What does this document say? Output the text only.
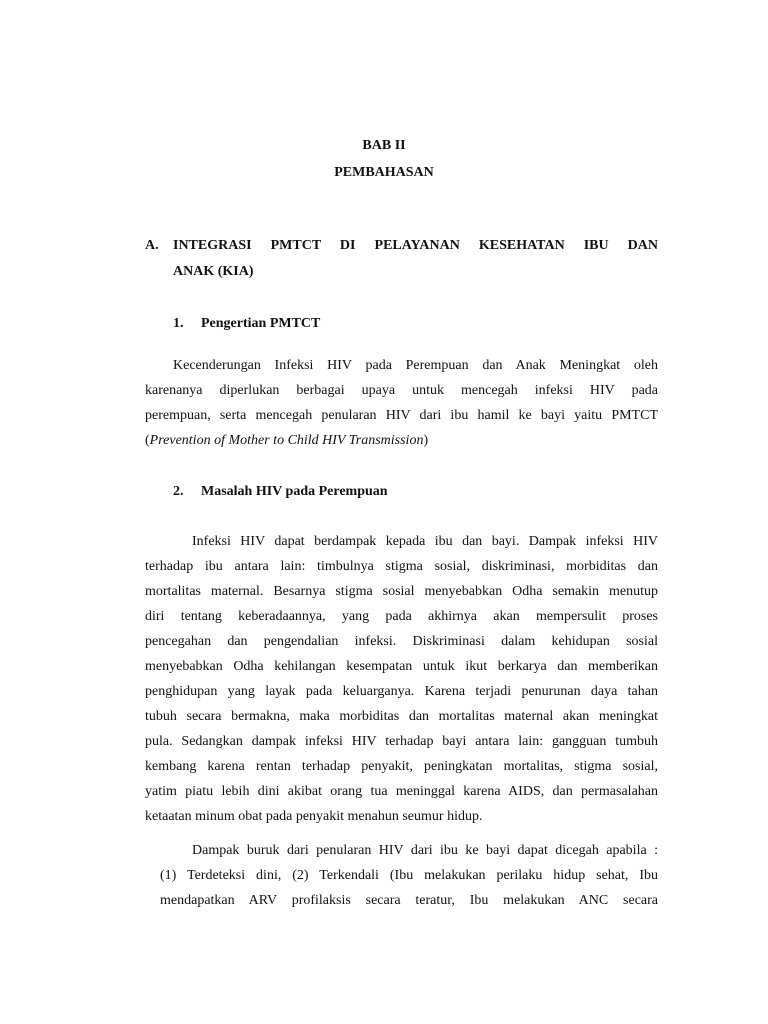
BAB II
PEMBAHASAN
A. INTEGRASI PMTCT DI PELAYANAN KESEHATAN IBU DAN
ANAK (KIA)
1. Pengertian PMTCT
Kecenderungan Infeksi HIV pada Perempuan dan Anak Meningkat oleh
karenanya diperlukan berbagai upaya untuk mencegah infeksi HIV pada
perempuan, serta mencegah penularan HIV dari ibu hamil ke bayi yaitu PMTCT
(Prevention of Mother to Child HIV Transmission)
2. Masalah HIV pada Perempuan
Infeksi HIV dapat berdampak kepada ibu dan bayi. Dampak infeksi HIV
terhadap ibu antara lain: timbulnya stigma sosial, diskriminasi, morbiditas dan
mortalitas maternal. Besarnya stigma sosial menyebabkan Odha semakin menutup
diri tentang keberadaannya, yang pada akhirnya akan mempersulit proses
pencegahan dan pengendalian infeksi. Diskriminasi dalam kehidupan sosial
menyebabkan Odha kehilangan kesempatan untuk ikut berkarya dan memberikan
penghidupan yang layak pada keluarganya. Karena terjadi penurunan daya tahan
tubuh secara bermakna, maka morbiditas dan mortalitas maternal akan meningkat
pula. Sedangkan dampak infeksi HIV terhadap bayi antara lain: gangguan tumbuh
kembang karena rentan terhadap penyakit, peningkatan mortalitas, stigma sosial,
yatim piatu lebih dini akibat orang tua meninggal karena AIDS, dan permasalahan
ketaatan minum obat pada penyakit menahun seumur hidup.
Dampak buruk dari penularan HIV dari ibu ke bayi dapat dicegah apabila :
(1) Terdeteksi dini, (2) Terkendali (Ibu melakukan perilaku hidup sehat, Ibu
mendapatkan ARV profilaksis secara teratur, Ibu melakukan ANC secara
